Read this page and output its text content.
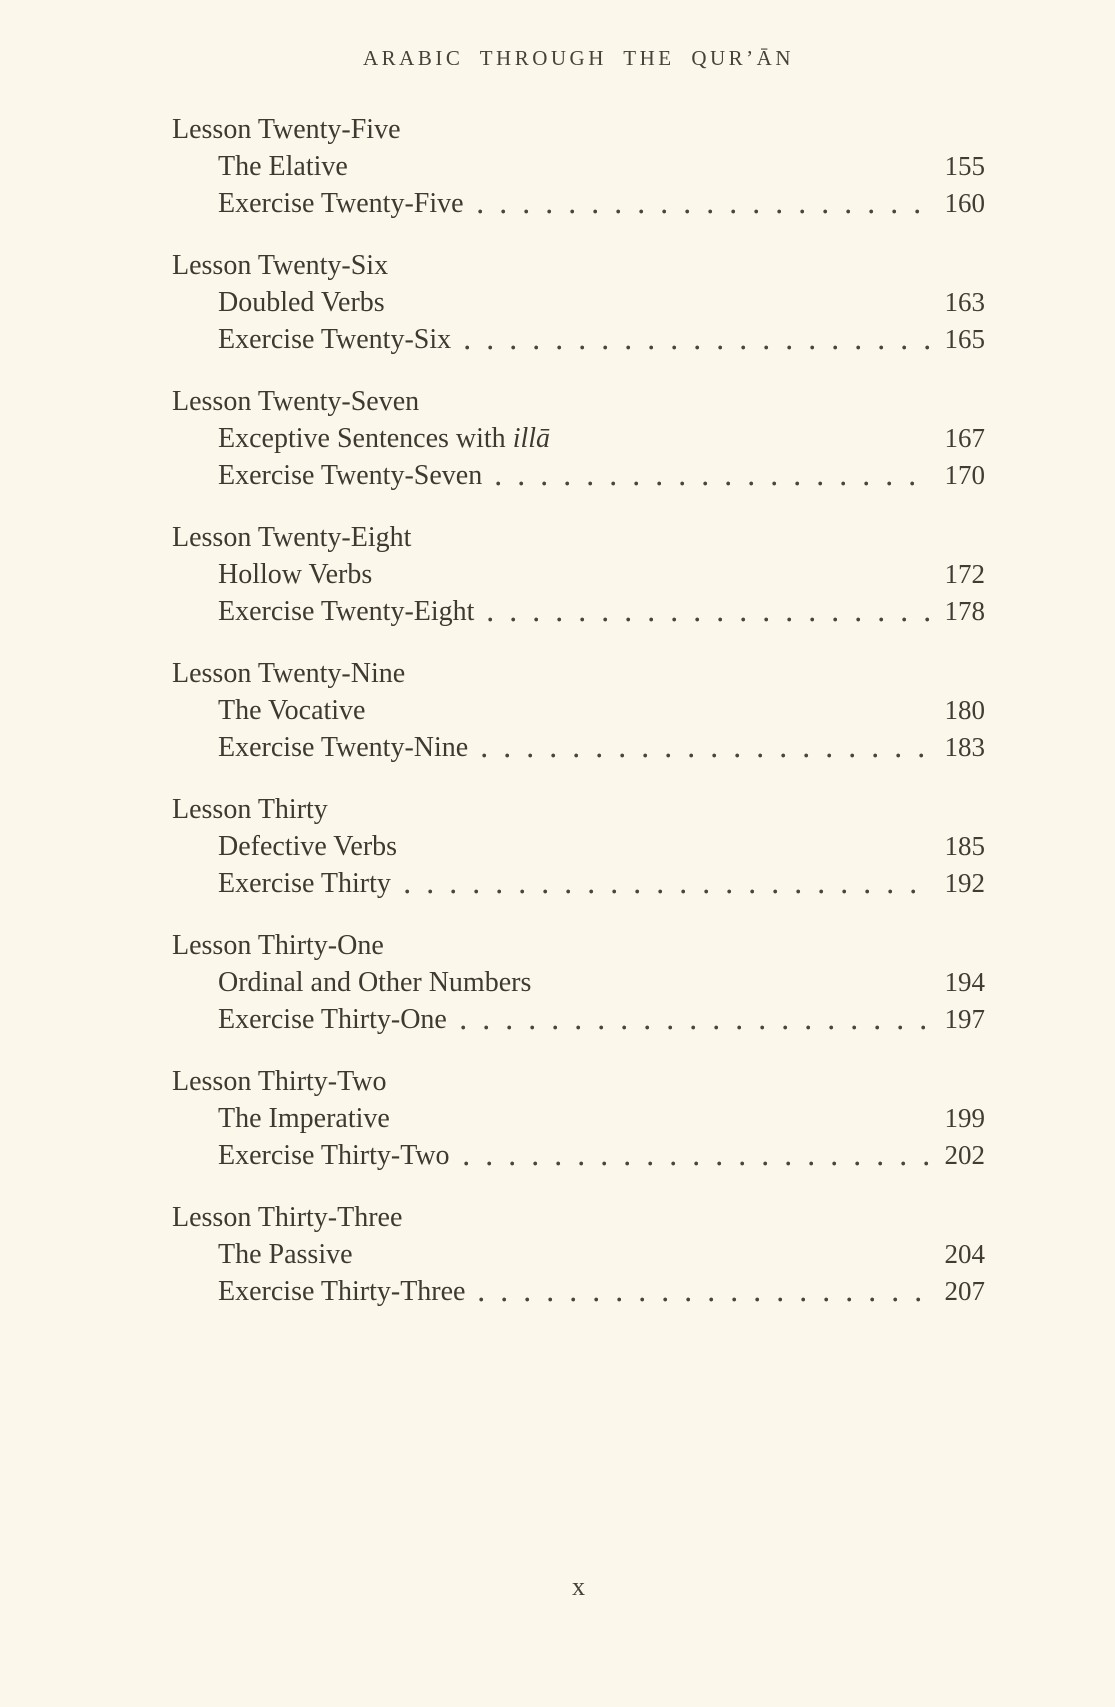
ARABIC THROUGH THE QUR’ĀN
Lesson Twenty-Five
The Elative	155
Exercise Twenty-Five	160
Lesson Twenty-Six
Doubled Verbs	163
Exercise Twenty-Six	165
Lesson Twenty-Seven
Exceptive Sentences with illā	167
Exercise Twenty-Seven	170
Lesson Twenty-Eight
Hollow Verbs	172
Exercise Twenty-Eight	178
Lesson Twenty-Nine
The Vocative	180
Exercise Twenty-Nine	183
Lesson Thirty
Defective Verbs	185
Exercise Thirty	192
Lesson Thirty-One
Ordinal and Other Numbers	194
Exercise Thirty-One	197
Lesson Thirty-Two
The Imperative	199
Exercise Thirty-Two	202
Lesson Thirty-Three
The Passive	204
Exercise Thirty-Three	207
x
